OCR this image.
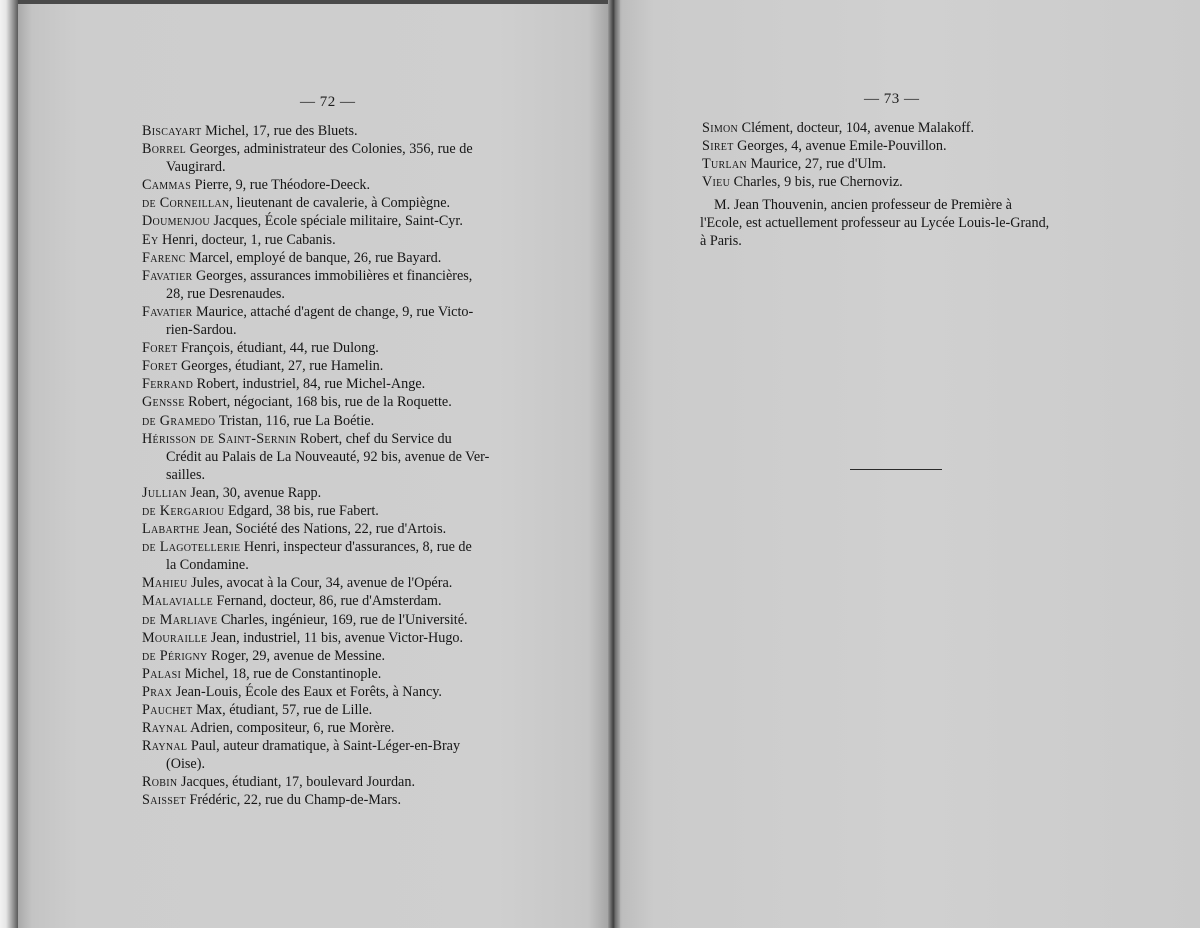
— 72 —
Biscayart Michel, 17, rue des Bluets.
Borrel Georges, administrateur des Colonies, 356, rue de
Vaugirard.
Cammas Pierre, 9, rue Théodore-Deeck.
de Corneillan, lieutenant de cavalerie, à Compiègne.
Doumenjou Jacques, École spéciale militaire, Saint-Cyr.
Ey Henri, docteur, 1, rue Cabanis.
Farenc Marcel, employé de banque, 26, rue Bayard.
Favatier Georges, assurances immobilières et financières,
28, rue Desrenaudes.
Favatier Maurice, attaché d'agent de change, 9, rue Victo-
rien-Sardou.
Foret François, étudiant, 44, rue Dulong.
Foret Georges, étudiant, 27, rue Hamelin.
Ferrand Robert, industriel, 84, rue Michel-Ange.
Gensse Robert, négociant, 168 bis, rue de la Roquette.
de Gramedo Tristan, 116, rue La Boétie.
Hérisson de Saint-Sernin Robert, chef du Service du
Crédit au Palais de La Nouveauté, 92 bis, avenue de Ver-
sailles.
Jullian Jean, 30, avenue Rapp.
de Kergariou Edgard, 38 bis, rue Fabert.
Labarthe Jean, Société des Nations, 22, rue d'Artois.
de Lagotellerie Henri, inspecteur d'assurances, 8, rue de
la Condamine.
Mahieu Jules, avocat à la Cour, 34, avenue de l'Opéra.
Malavialle Fernand, docteur, 86, rue d'Amsterdam.
de Marliave Charles, ingénieur, 169, rue de l'Université.
Mouraille Jean, industriel, 11 bis, avenue Victor-Hugo.
de Périgny Roger, 29, avenue de Messine.
Palasi Michel, 18, rue de Constantinople.
Prax Jean-Louis, École des Eaux et Forêts, à Nancy.
Pauchet Max, étudiant, 57, rue de Lille.
Raynal Adrien, compositeur, 6, rue Morère.
Raynal Paul, auteur dramatique, à Saint-Léger-en-Bray
(Oise).
Robin Jacques, étudiant, 17, boulevard Jourdan.
Saisset Frédéric, 22, rue du Champ-de-Mars.
— 73 —
Simon Clément, docteur, 104, avenue Malakoff.
Siret Georges, 4, avenue Emile-Pouvillon.
Turlan Maurice, 27, rue d'Ulm.
Vieu Charles, 9 bis, rue Chernoviz.
M. Jean Thouvenin, ancien professeur de Première à
l'Ecole, est actuellement professeur au Lycée Louis-le-Grand,
à Paris.
